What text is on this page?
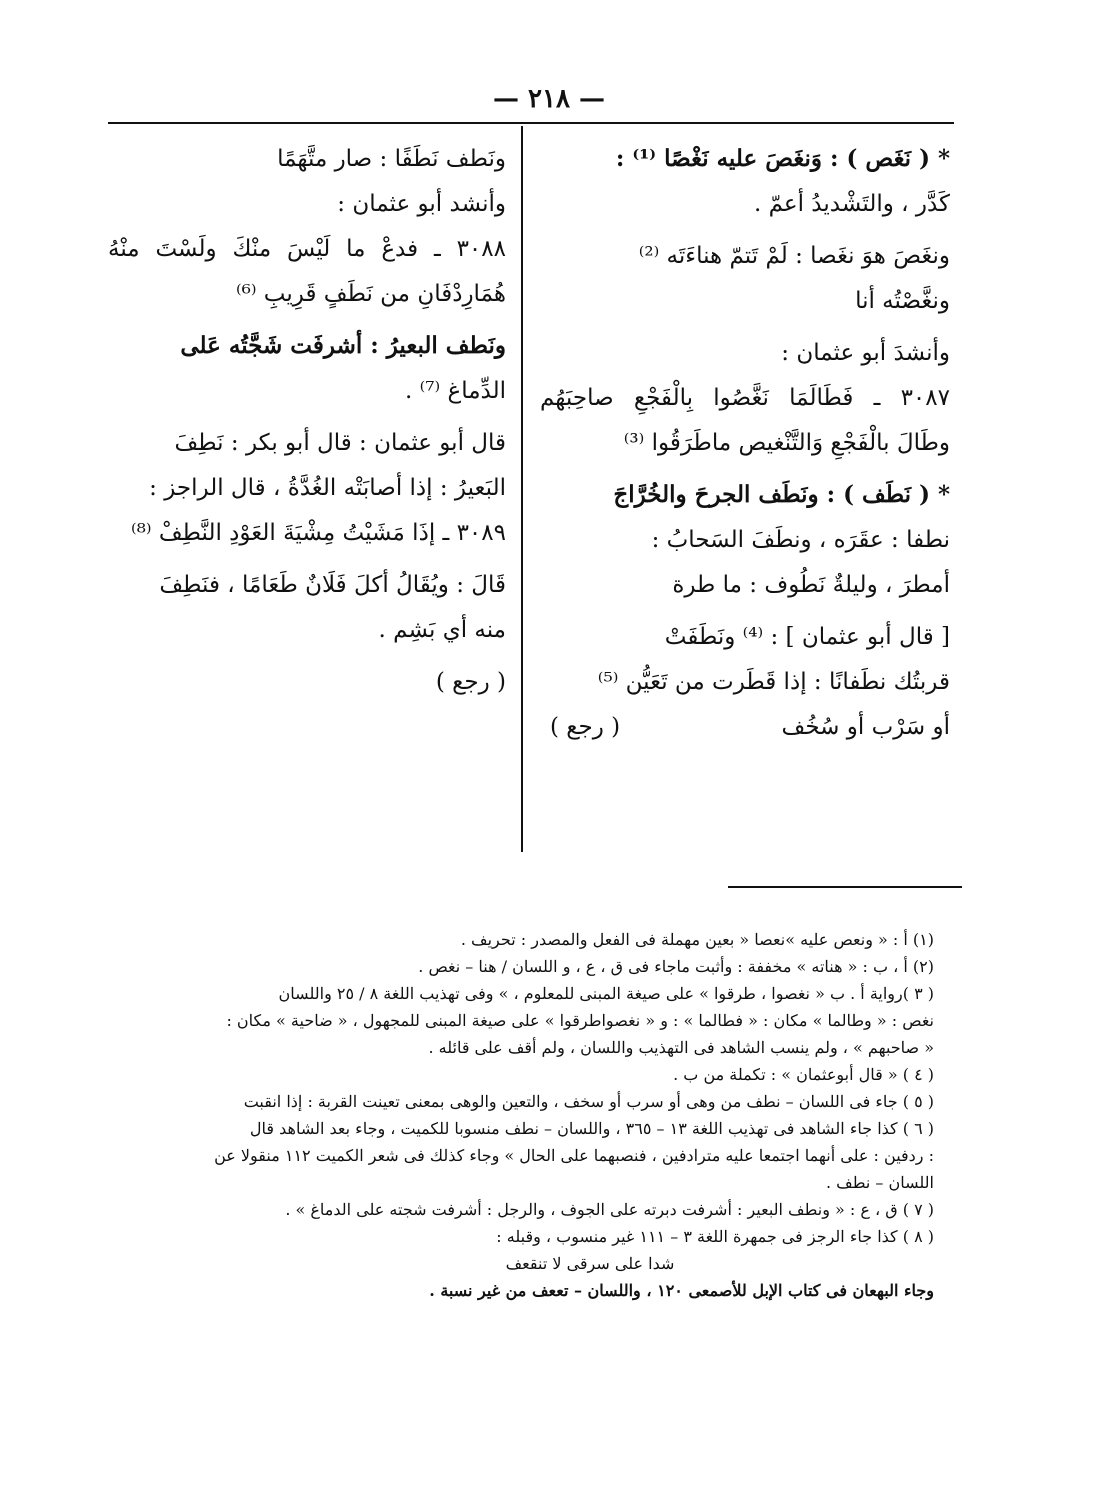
— ٢١٨ —
* ( نَغَص ) : وَنغَصَ عليه نَغْصًا ⁽¹⁾ :
كَدَّر ، والتَشْديدُ أعمّ .
ونغَصَ هوَ نغَصا : لَمْ تَتمّ هناءَتَه ⁽²⁾
ونغَّصْتُه أنا
وأنشدَ أبو عثمان :
٣٠٨٧ ـ فَطَالَمَا نَغَّصُوا بِالْفَجْعِ صاحِبَهُم
وطَالَ بالْفَجْعِ وَالتَّنْغيص ماطَرَقُوا ⁽³⁾
* ( نَطَف ) : ونَطَف الجرحَ والخُرَّاجَ
نطفا : عقَرَه ، ونطَفَ السَحابُ :
أمطرَ ، وليلةٌ نَطُوف : ما طرة
[ قال أبو عثمان ] : ⁽⁴⁾ ونَطَفَتْ
قربتُك نطَفانًا : إذا قَطَرت من تَعَيُّن ⁽⁵⁾
أو سَرْب أو سُخُف
( رجع )
ونَطف نَطَفًا : صار متَّهَمًا
وأنشد أبو عثمان :
٣٠٨٨ ـ فدعْ ما لَيْسَ منْكَ ولَسْتَ منْهُ
هُمَارِدْفَانِ من نَطَفٍ قَرِيبِ ⁽⁶⁾
ونَطف البعيرُ : أشرفَت شَجَّتُه عَلى
الدِّماغ ⁽⁷⁾ .
قال أبو عثمان : قال أبو بكر : نَطِفَ
البَعيرُ : إذا أصابَتْه الغُدَّةُ ، قال الراجز :
٣٠٨٩ ـ إذَا مَشَيْتُ مِشْيَةَ العَوْدِ النَّطِفْ ⁽⁸⁾
قَالَ : ويُقَالُ أكلَ فَلَانٌ طَعَامًا ، فنَطِفَ
منه أي بَشِم .
( رجع )
(١) أ : « ونعص عليه »نعصا « بعين مهملة فى الفعل والمصدر : تحريف .
(٢) أ ، ب : « هناته » مخففة : وأثبت ماجاء فى ق ، ع ، و اللسان / هنا – نغص .
( ٣ )رواية أ . ب « نغصوا ، طرقوا » على صيغة المبنى للمعلوم ، » وفى تهذيب اللغة ٨ / ٢٥ واللسان
نغص : « وطالما » مكان : « فطالما » : و « نغصواطرقوا » على صيغة المبنى للمجهول ، « ضاحية » مكان :
« صاحبهم » ، ولم ينسب الشاهد فى التهذيب واللسان ، ولم أقف على قائله .
( ٤ ) « قال أبوعثمان » : تكملة من ب .
( ٥ ) جاء فى اللسان – نطف من وهى أو سرب أو سخف ، والتعين والوهى بمعنى تعينت القربة : إذا انقبت
( ٦ ) كذا جاء الشاهد فى تهذيب اللغة ١٣ – ٣٦٥ ، واللسان – نطف منسوبا للكميت ، وجاء بعد الشاهد قال
: ردفين : على أنهما اجتمعا عليه مترادفين ، فنصبهما على الحال » وجاء كذلك فى شعر الكميت ١١٢ منقولا عن
اللسان – نطف .
( ٧ ) ق ، ع : « ونطف البعير : أشرفت دبرته على الجوف ، والرجل : أشرفت شجته على الدماغ » .
( ٨ ) كذا جاء الرجز فى جمهرة اللغة ٣ – ١١١ غير منسوب ، وقبله :
شدا على سرقى لا تنقعف
وجاء البهعان فى كتاب الإبل للأصمعى ١٢٠ ، واللسان – تععف من غير نسبة .
